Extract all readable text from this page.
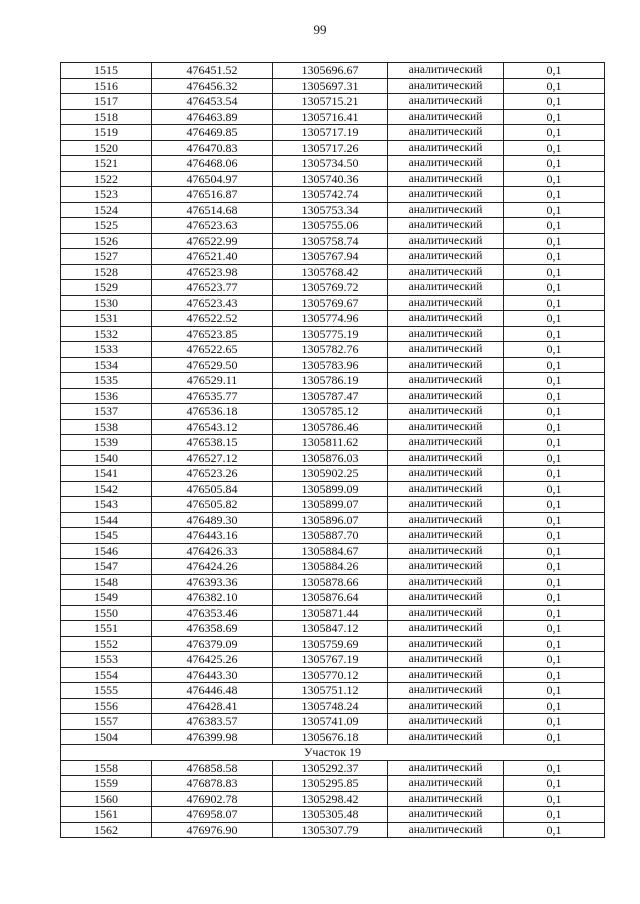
99
1515	476451.52	1305696.67	аналитический	0,1
1516	476456.32	1305697.31	аналитический	0,1
1517	476453.54	1305715.21	аналитический	0,1
1518	476463.89	1305716.41	аналитический	0,1
1519	476469.85	1305717.19	аналитический	0,1
1520	476470.83	1305717.26	аналитический	0,1
1521	476468.06	1305734.50	аналитический	0,1
1522	476504.97	1305740.36	аналитический	0,1
1523	476516.87	1305742.74	аналитический	0,1
1524	476514.68	1305753.34	аналитический	0,1
1525	476523.63	1305755.06	аналитический	0,1
1526	476522.99	1305758.74	аналитический	0,1
1527	476521.40	1305767.94	аналитический	0,1
1528	476523.98	1305768.42	аналитический	0,1
1529	476523.77	1305769.72	аналитический	0,1
1530	476523.43	1305769.67	аналитический	0,1
1531	476522.52	1305774.96	аналитический	0,1
1532	476523.85	1305775.19	аналитический	0,1
1533	476522.65	1305782.76	аналитический	0,1
1534	476529.50	1305783.96	аналитический	0,1
1535	476529.11	1305786.19	аналитический	0,1
1536	476535.77	1305787.47	аналитический	0,1
1537	476536.18	1305785.12	аналитический	0,1
1538	476543.12	1305786.46	аналитический	0,1
1539	476538.15	1305811.62	аналитический	0,1
1540	476527.12	1305876.03	аналитический	0,1
1541	476523.26	1305902.25	аналитический	0,1
1542	476505.84	1305899.09	аналитический	0,1
1543	476505.82	1305899.07	аналитический	0,1
1544	476489.30	1305896.07	аналитический	0,1
1545	476443.16	1305887.70	аналитический	0,1
1546	476426.33	1305884.67	аналитический	0,1
1547	476424.26	1305884.26	аналитический	0,1
1548	476393.36	1305878.66	аналитический	0,1
1549	476382.10	1305876.64	аналитический	0,1
1550	476353.46	1305871.44	аналитический	0,1
1551	476358.69	1305847.12	аналитический	0,1
1552	476379.09	1305759.69	аналитический	0,1
1553	476425.26	1305767.19	аналитический	0,1
1554	476443.30	1305770.12	аналитический	0,1
1555	476446.48	1305751.12	аналитический	0,1
1556	476428.41	1305748.24	аналитический	0,1
1557	476383.57	1305741.09	аналитический	0,1
1504	476399.98	1305676.18	аналитический	0,1
Участок 19				
1558	476858.58	1305292.37	аналитический	0,1
1559	476878.83	1305295.85	аналитический	0,1
1560	476902.78	1305298.42	аналитический	0,1
1561	476958.07	1305305.48	аналитический	0,1
1562	476976.90	1305307.79	аналитический	0,1
